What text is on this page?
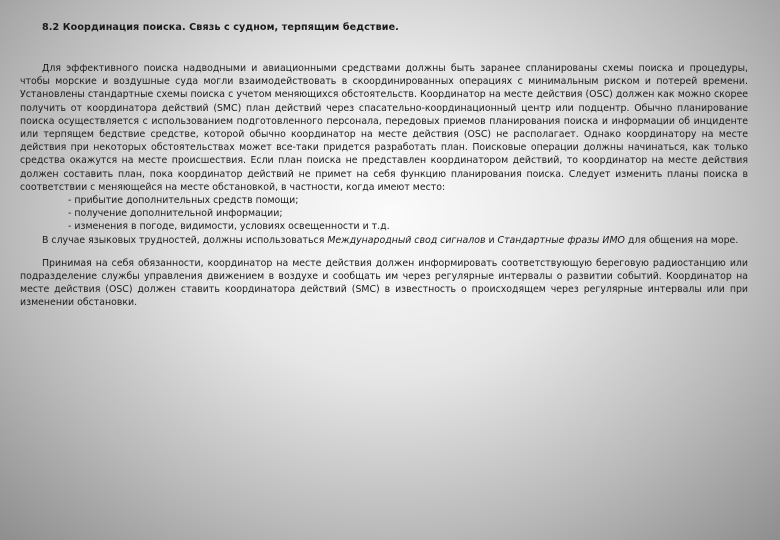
8.2 Координация поиска. Связь с судном, терпящим бедствие.

Для эффективного поиска надводными и авиационными средствами должны быть заранее спланированы схемы поиска и процедуры, чтобы морские и воздушные суда могли взаимодействовать в скоординированных операциях с минимальным риском и потерей времени. Установлены стандартные схемы поиска с учетом меняющихся обстоятельств. Координатор на месте действия (OSC) должен как можно скорее получить от координатора действий (SMC) план действий через спасательно-координационный центр или подцентр. Обычно планирование поиска осуществляется с использованием подготовленного персонала, передовых приемов планирования поиска и информации об инциденте или терпящем бедствие средстве, которой обычно координатор на месте действия (OSC) не располагает. Однако координатору на месте действия при некоторых обстоятельствах может все-таки придется разработать план. Поисковые операции должны начинаться, как только средства окажутся на месте происшествия. Если план поиска не представлен координатором действий, то координатор на месте действия должен составить план, пока координатор действий не примет на себя функцию планирования поиска. Следует изменить планы поиска в соответствии с меняющейся на месте обстановкой, в частности, когда имеют место:

- прибытие дополнительных средств помощи;
- получение дополнительной информации;
- изменения в погоде, видимости, условиях освещенности и т.д.

В случае языковых трудностей, должны использоваться Международный свод сигналов и Стандартные фразы ИМО для общения на море.

Принимая на себя обязанности, координатор на месте действия должен информировать соответствующую береговую радиостанцию или подразделение службы управления движением в воздухе и сообщать им через регулярные интервалы о развитии событий. Координатор на месте действия (OSC) должен ставить координатора действий (SMC) в известность о происходящем через регулярные интервалы или при изменении обстановки.
